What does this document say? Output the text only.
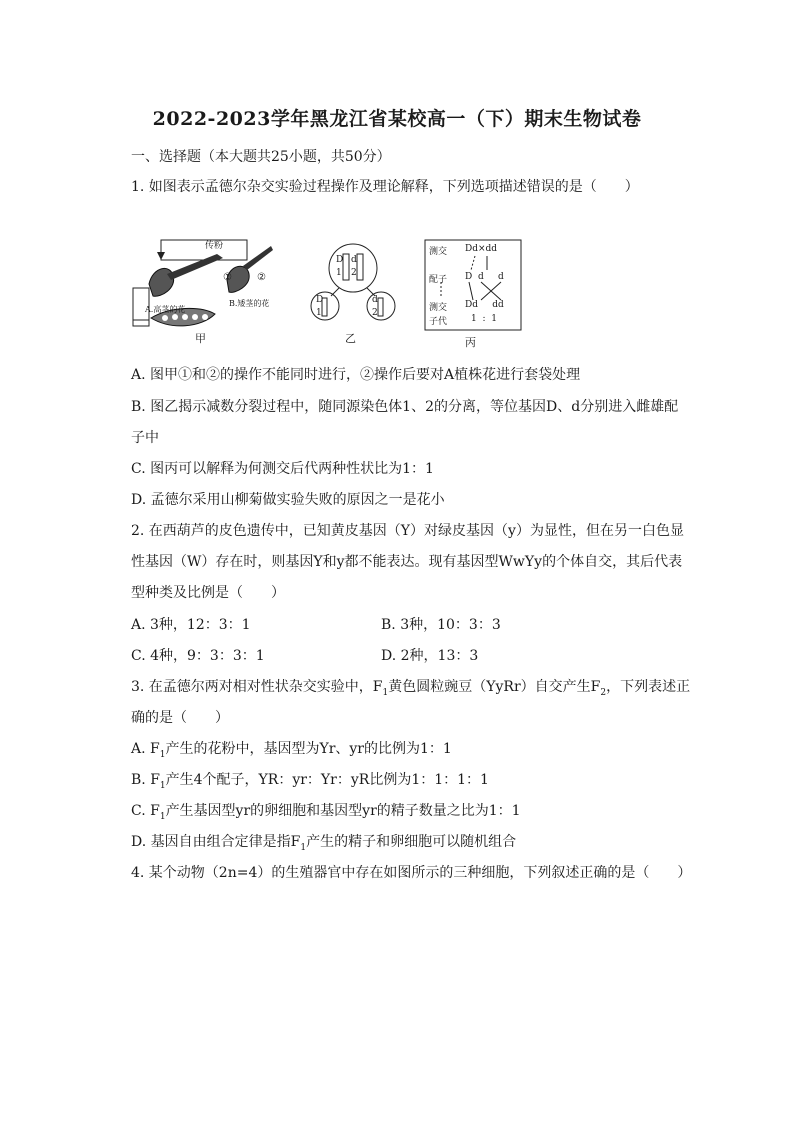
2022-2023学年黑龙江省某校高一（下）期末生物试卷
一、选择题（本大题共25小题，共50分）
1. 如图表示孟德尔杂交实验过程操作及理论解释，下列选项描述错误的是（　　）
传粉
A.高茎的花
B.矮茎的花
①	②
甲
D d
1 2
D	d
1	2
乙
测交 Dd×dd
配子 D  d     d
测交 Dd     dd
子代	1  :  1
丙
A. 图甲①和②的操作不能同时进行，②操作后要对A植株花进行套袋处理
B. 图乙揭示减数分裂过程中，随同源染色体1、2的分离，等位基因D、d分别进入雌雄配
子中
C. 图丙可以解释为何测交后代两种性状比为1：1
D. 孟德尔采用山柳菊做实验失败的原因之一是花小
2. 在西葫芦的皮色遗传中，已知黄皮基因（Y）对绿皮基因（y）为显性，但在另一白色显
性基因（W）存在时，则基因Y和y都不能表达。现有基因型WwYy的个体自交，其后代表
型种类及比例是（　　）
A. 3种，12：3：1	B. 3种，10：3：3
C. 4种，9：3：3：1	D. 2种，13：3
3. 在孟德尔两对相对性状杂交实验中，$F_1$黄色圆粒豌豆（YyRr）自交产生$F_2$，下列表述正
确的是（　　）
A. $F_1$产生的花粉中，基因型为Yr、yr的比例为1：1
B. $F_1$产生4个配子，YR：yr：Yr：yR比例为1：1：1：1
C. $F_1$产生基因型yr的卵细胞和基因型yr的精子数量之比为1：1
D. 基因自由组合定律是指$F_1$产生的精子和卵细胞可以随机组合
4. 某个动物（2n=4）的生殖器官中存在如图所示的三种细胞，下列叙述正确的是（　　）
